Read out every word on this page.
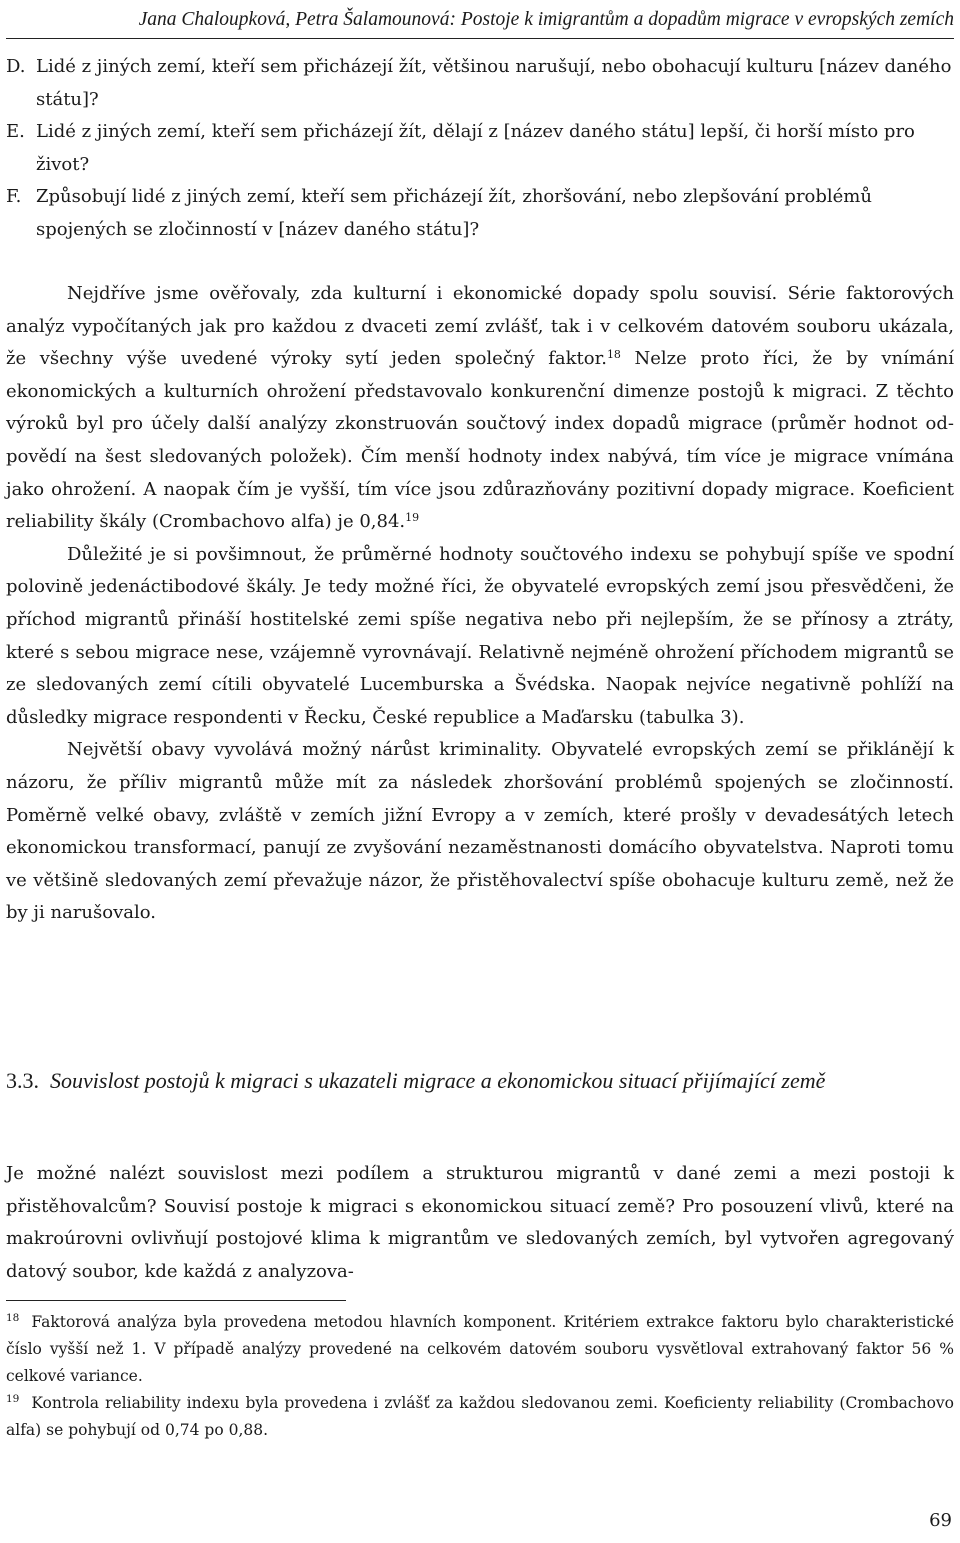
Jana Chaloupková, Petra Šalamounová: Postoje k imigrantům a dopadům migrace v evropských zemích
D. Lidé z jiných zemí, kteří sem přicházejí žít, většinou narušují, nebo obohacují kulturu [název daného státu]?
E. Lidé z jiných zemí, kteří sem přicházejí žít, dělají z [název daného státu] lepší, či horší místo pro život?
F. Způsobují lidé z jiných zemí, kteří sem přicházejí žít, zhoršování, nebo zlepšování problémů spojených se zločinností v [název daného státu]?

Nejdříve jsme ověřovaly, zda kulturní i ekonomické dopady spolu souvisí. Série faktorových analýz vypočítaných jak pro každou z dvaceti zemí zvlášť, tak i v celkovém datovém souboru ukázala, že všechny výše uvedené výroky sytí jeden společný faktor.$^{18}$ Nelze proto říci, že by vnímání ekonomických a kulturních ohrožení představovalo konkurenční dimenze postojů k migraci. Z těchto výroků byl pro účely další analýzy zkonstruován součtový index dopadů migrace (průměr hodnot odpovědí na šest sledovaných položek). Čím menší hodnoty index nabývá, tím více je migrace vnímána jako ohrožení. A naopak čím je vyšší, tím více jsou zdůrazňovány pozitivní dopady migrace. Koeficient reliability škály (Crombachovo alfa) je 0,84.19

Důležité je si povšimnout, že průměrné hodnoty součtového indexu se pohybují spíše ve spodní polovině jedenáctibodové škály. Je tedy možné říci, že obyvatelé evropských zemí jsou přesvědčeni, že příchod migrantů přináší hostitelské zemi spíše negativa nebo při nejlepším, že se přínosy a ztráty, které s sebou migrace nese, vzájemně vyrovnávají. Relativně nejméně ohrožení příchodem migrantů se ze sledovaných zemí cítili obyvatelé Lucemburska a Švédska. Naopak nejvíce negativně pohlíží na důsledky migrace respondenti v Řecku, České republice a Maďarsku (tabulka 3).

Největší obavy vyvolává možný nárůst kriminality. Obyvatelé evropských zemí se přiklánějí k názoru, že příliv migrantů může mít za následek zhoršování problémů spojených se zločinností. Poměrně velké obavy, zvláště v zemích jižní Evropy a v zemích, které prošly v devadesátých letech ekonomickou transformací, panují ze zvyšování nezaměstnanosti domácího obyvatelstva. Naproti tomu ve většině sledovaných zemí převažuje názor, že přistěhovalectví spíše obohacuje kulturu země, než že by ji narušovalo.

3.3. Souvislost postojů k migraci s ukazateli migrace a ekonomickou situací přijímající země

Je možné nalézt souvislost mezi podílem a strukturou migrantů v dané zemi a mezi postoji k přistěhovalcům? Souvisí postoje k migraci s ekonomickou situací země? Pro posouzení vlivů, které na makroúrovni ovlivňují postojové klima k migrantům ve sledovaných zemích, byl vytvořen agregovaný datový soubor, kde každá z analyzova-

$^{18}$ Faktorová analýza byla provedena metodou hlavních komponent. Kritériem extrakce faktoru bylo charakteristické číslo vyšší než 1. V případě analýzy provedené na celkovém datovém souboru vysvětloval extrahovaný faktor 56 % celkové variance.
$^{19}$ Kontrola reliability indexu byla provedena i zvlášť za každou sledovanou zemi. Koeficienty reliability (Crombachovo alfa) se pohybují od 0,74 po 0,88.
69
